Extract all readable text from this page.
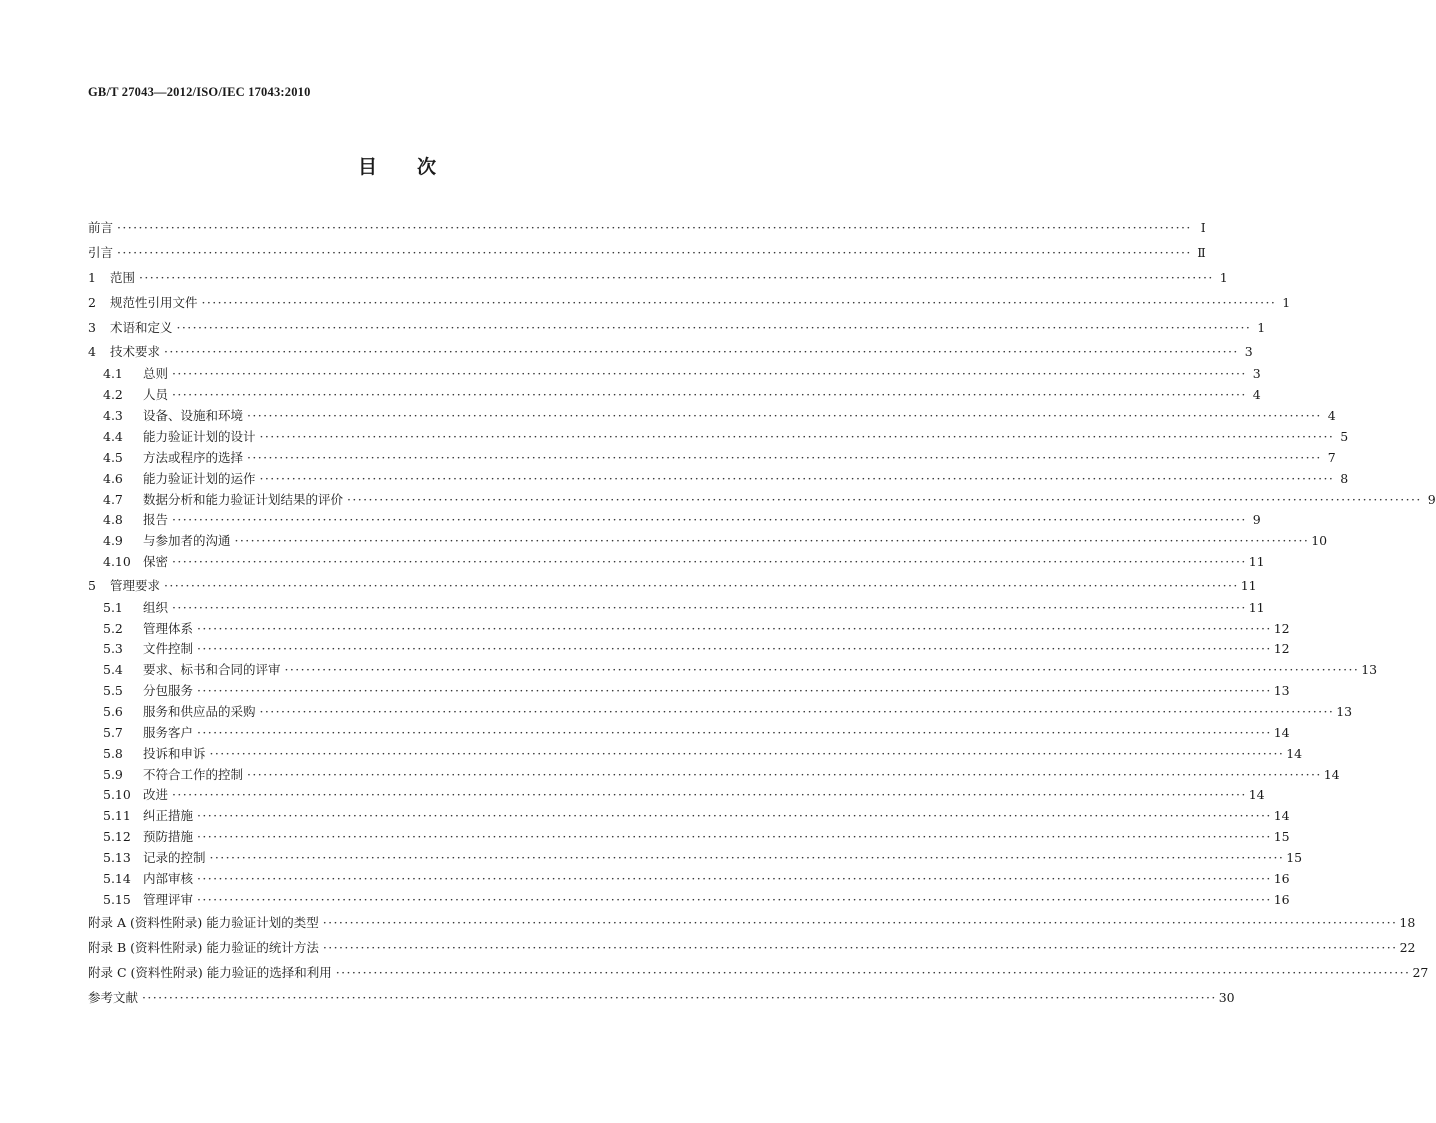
GB/T 27043—2012/ISO/IEC 17043:2010
目次
前言 ········································································································································································································ Ⅰ
引言 ········································································································································································································ Ⅱ
1	范围 ········································································································································································································ 1
2	规范性引用文件 ········································································································································································································ 1
3	术语和定义 ········································································································································································································ 1
4	技术要求 ········································································································································································································ 3
4.1	总则 ········································································································································································································ 3
4.2	人员 ········································································································································································································ 4
4.3	设备、设施和环境 ········································································································································································································ 4
4.4	能力验证计划的设计 ········································································································································································································ 5
4.5	方法或程序的选择 ········································································································································································································ 7
4.6	能力验证计划的运作 ········································································································································································································ 8
4.7	数据分析和能力验证计划结果的评价 ········································································································································································································ 9
4.8	报告 ········································································································································································································ 9
4.9	与参加者的沟通 ········································································································································································································ 10
4.10 保密 ········································································································································································································ 11
5	管理要求 ········································································································································································································ 11
5.1	组织 ········································································································································································································ 11
5.2	管理体系 ········································································································································································································ 12
5.3	文件控制 ········································································································································································································ 12
5.4	要求、标书和合同的评审 ········································································································································································································ 13
5.5	分包服务 ········································································································································································································ 13
5.6	服务和供应品的采购 ········································································································································································································ 13
5.7	服务客户 ········································································································································································································ 14
5.8	投诉和申诉 ········································································································································································································ 14
5.9	不符合工作的控制 ········································································································································································································ 14
5.10 改进 ········································································································································································································ 14
5.11 纠正措施 ········································································································································································································ 14
5.12 预防措施 ········································································································································································································ 15
5.13 记录的控制 ········································································································································································································ 15
5.14 内部审核 ········································································································································································································ 16
5.15 管理评审 ········································································································································································································ 16
附录 A (资料性附录) 能力验证计划的类型 ········································································································································································································ 18
附录 B (资料性附录) 能力验证的统计方法 ········································································································································································································ 22
附录 C (资料性附录) 能力验证的选择和利用 ········································································································································································································ 27
参考文献 ········································································································································································································ 30
